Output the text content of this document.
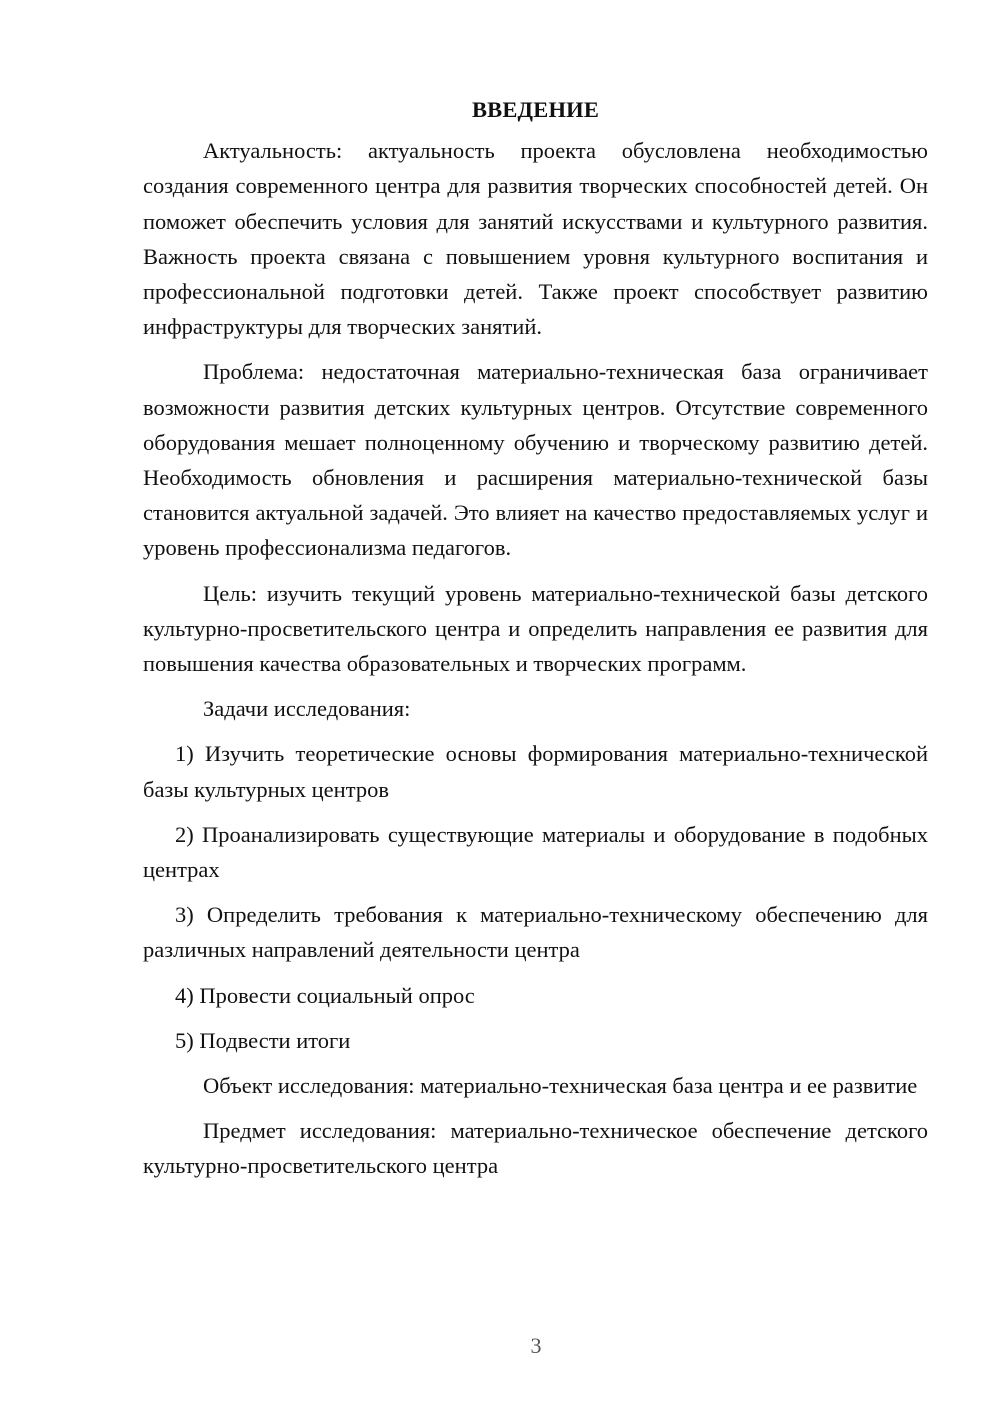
ВВЕДЕНИЕ

Актуальность: актуальность проекта обусловлена необходимостью создания современного центра для развития творческих способностей детей. Он поможет обеспечить условия для занятий искусствами и культурного развития. Важность проекта связана с повышением уровня культурного воспитания и профессиональной подготовки детей. Также проект способствует развитию инфраструктуры для творческих занятий.

Проблема: недостаточная материально-техническая база ограничивает возможности развития детских культурных центров. Отсутствие современного оборудования мешает полноценному обучению и творческому развитию детей. Необходимость обновления и расширения материально-технической базы становится актуальной задачей. Это влияет на качество предоставляемых услуг и уровень профессионализма педагогов.

Цель: изучить текущий уровень материально-технической базы детского культурно-просветительского центра и определить направления ее развития для повышения качества образовательных и творческих программ.

Задачи исследования:

1) Изучить теоретические основы формирования материально-технической базы культурных центров

2) Проанализировать существующие материалы и оборудование в подобных центрах

3) Определить требования к материально-техническому обеспечению для различных направлений деятельности центра

4) Провести социальный опрос

5) Подвести итоги

Объект исследования: материально-техническая база центра и ее развитие

Предмет исследования: материально-техническое обеспечение детского культурно-просветительского центра

3
